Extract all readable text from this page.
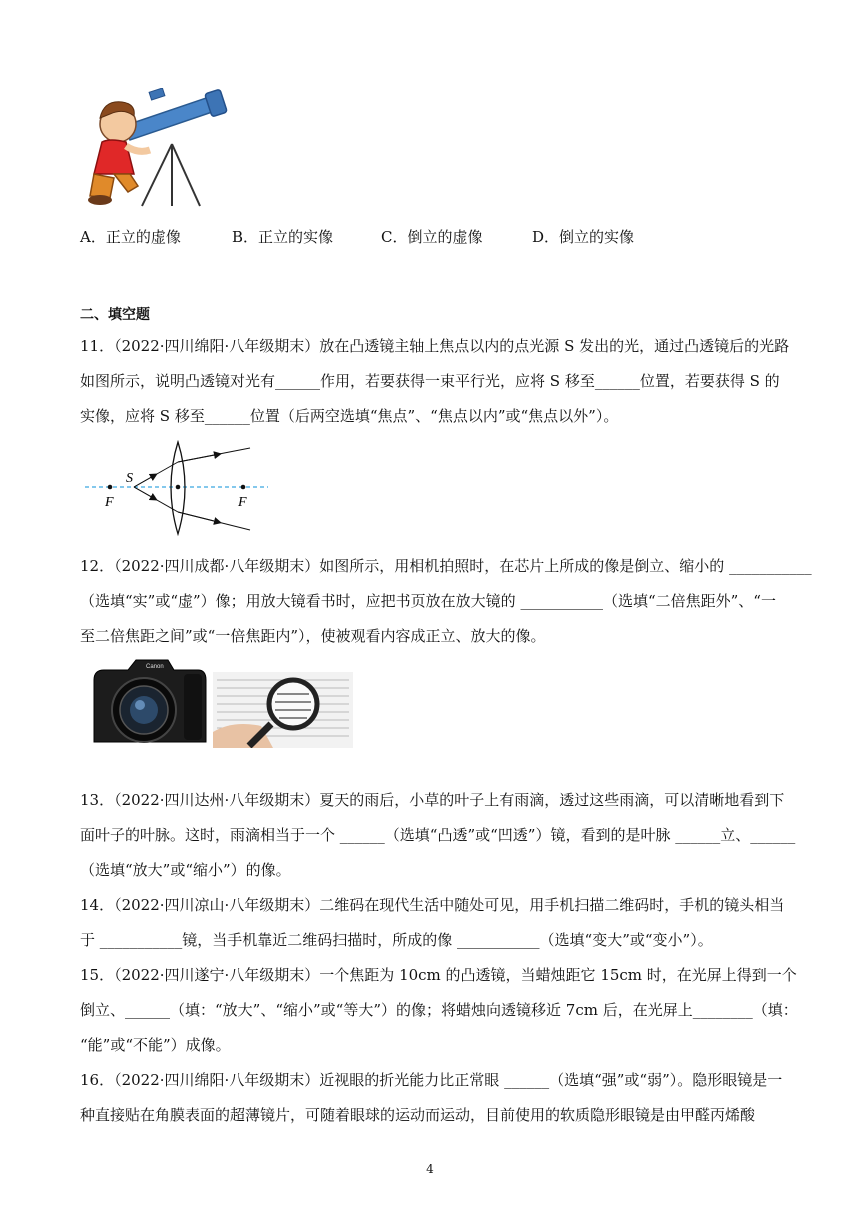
A．正立的虚像	B．正立的实像	C．倒立的虚像	D．倒立的实像
二、填空题
11．（2022·四川绵阳·八年级期末）放在凸透镜主轴上焦点以内的点光源 S 发出的光，通过凸透镜后的光路
如图所示，说明凸透镜对光有______作用，若要获得一束平行光，应将 S 移至______位置，若要获得 S 的
实像，应将 S 移至______位置（后两空选填“焦点”、“焦点以内”或“焦点以外”）。
S
F	F
12．（2022·四川成都·八年级期末）如图所示，用相机拍照时，在芯片上所成的像是倒立、缩小的 ___________
（选填“实”或“虚”）像；用放大镜看书时，应把书页放在放大镜的 ___________（选填“二倍焦距外”、“一
至二倍焦距之间”或“一倍焦距内”），使被观看内容成正立、放大的像。
Canon
13．（2022·四川达州·八年级期末）夏天的雨后，小草的叶子上有雨滴，透过这些雨滴，可以清晰地看到下
面叶子的叶脉。这时，雨滴相当于一个 ______（选填“凸透”或“凹透”）镜，看到的是叶脉 ______立、______
（选填“放大”或“缩小”）的像。
14．（2022·四川凉山·八年级期末）二维码在现代生活中随处可见，用手机扫描二维码时，手机的镜头相当
于 ___________镜，当手机靠近二维码扫描时，所成的像 ___________（选填“变大”或“变小”）。
15．（2022·四川遂宁·八年级期末）一个焦距为 10cm 的凸透镜，当蜡烛距它 15cm 时，在光屏上得到一个
倒立、______（填：“放大”、“缩小”或“等大”）的像；将蜡烛向透镜移近 7cm 后，在光屏上________（填：
“能”或“不能”）成像。
16．（2022·四川绵阳·八年级期末）近视眼的折光能力比正常眼 ______（选填“强”或“弱”）。隐形眼镜是一
种直接贴在角膜表面的超薄镜片，可随着眼球的运动而运动，目前使用的软质隐形眼镜是由甲醛丙烯酸
4
